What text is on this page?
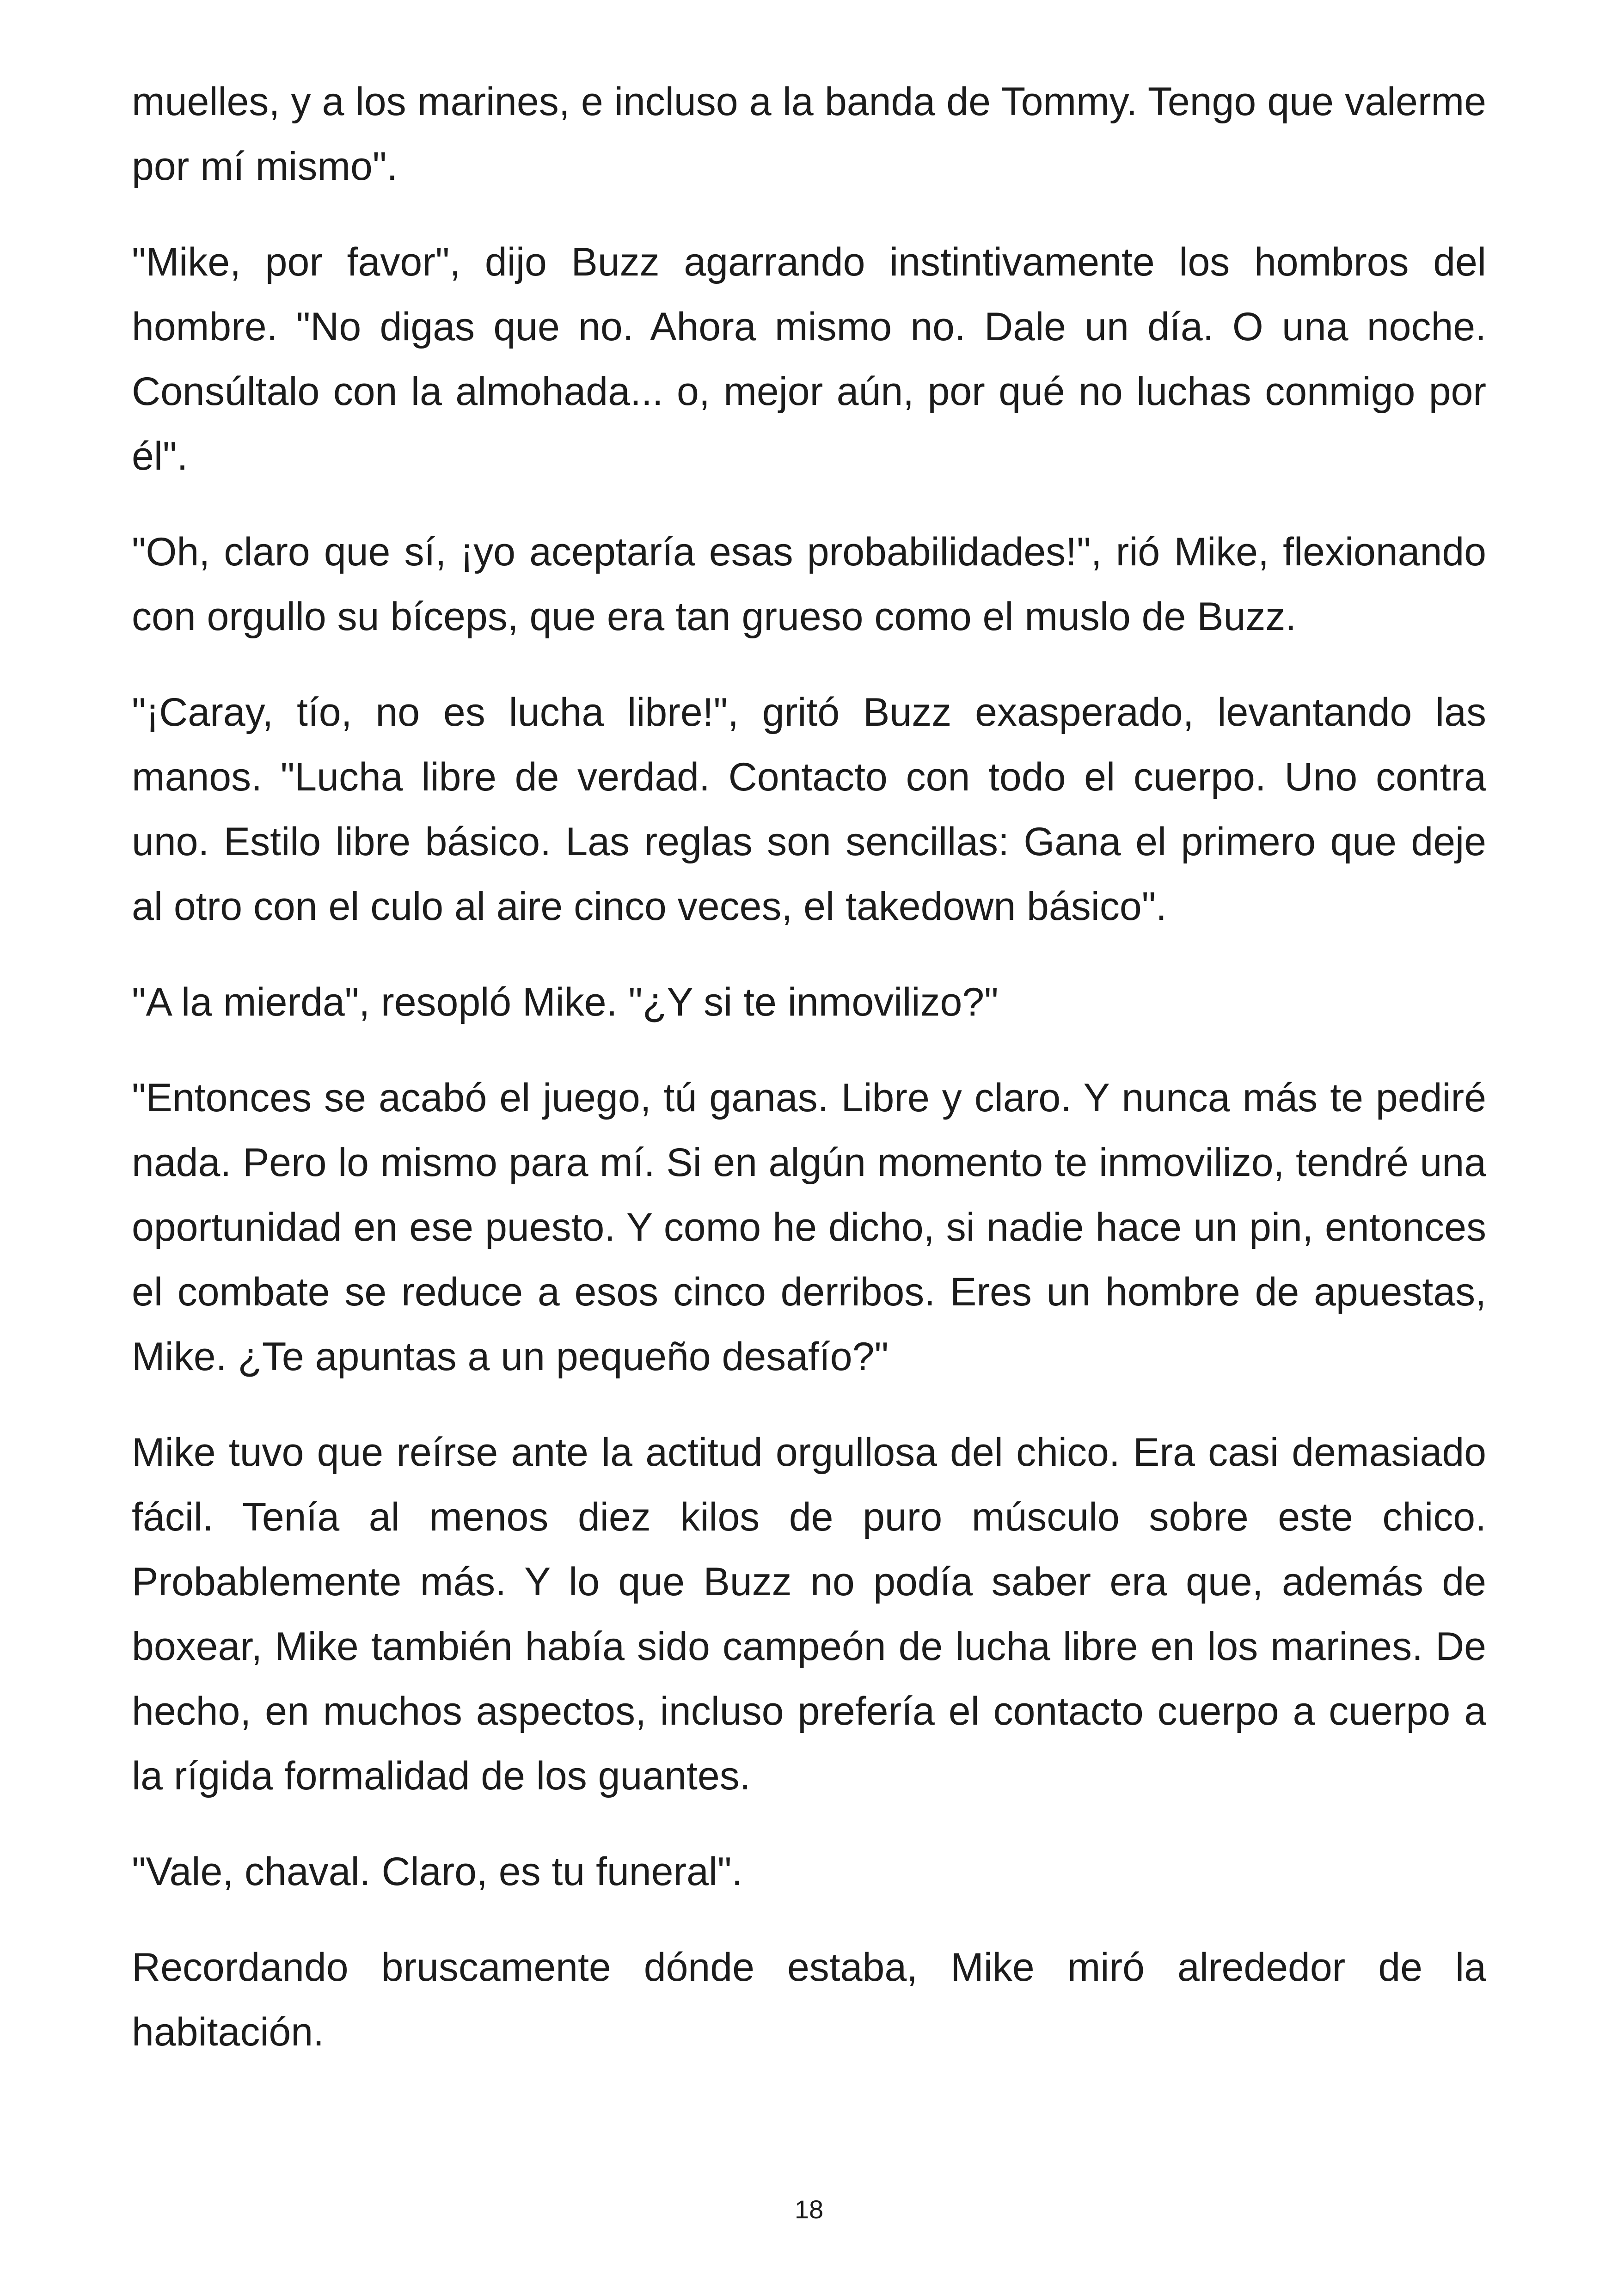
muelles, y a los marines, e incluso a la banda de Tommy. Tengo que valerme por mí mismo".

"Mike, por favor", dijo Buzz agarrando instintivamente los hombros del hombre. "No digas que no. Ahora mismo no. Dale un día. O una noche. Consúltalo con la almohada... o, mejor aún, por qué no luchas conmigo por él".

"Oh, claro que sí, ¡yo aceptaría esas probabilidades!", rió Mike, flexionando con orgullo su bíceps, que era tan grueso como el muslo de Buzz.

"¡Caray, tío, no es lucha libre!", gritó Buzz exasperado, levantando las manos. "Lucha libre de verdad. Contacto con todo el cuerpo. Uno contra uno. Estilo libre básico. Las reglas son sencillas: Gana el primero que deje al otro con el culo al aire cinco veces, el takedown básico".

"A la mierda", resopló Mike. "¿Y si te inmovilizo?"

"Entonces se acabó el juego, tú ganas. Libre y claro. Y nunca más te pediré nada. Pero lo mismo para mí. Si en algún momento te inmovilizo, tendré una oportunidad en ese puesto. Y como he dicho, si nadie hace un pin, entonces el combate se reduce a esos cinco derribos. Eres un hombre de apuestas, Mike. ¿Te apuntas a un pequeño desafío?"

Mike tuvo que reírse ante la actitud orgullosa del chico. Era casi demasiado fácil. Tenía al menos diez kilos de puro músculo sobre este chico. Probablemente más. Y lo que Buzz no podía saber era que, además de boxear, Mike también había sido campeón de lucha libre en los marines. De hecho, en muchos aspectos, incluso prefería el contacto cuerpo a cuerpo a la rígida formalidad de los guantes.

"Vale, chaval. Claro, es tu funeral".

Recordando bruscamente dónde estaba, Mike miró alrededor de la habitación.

18
